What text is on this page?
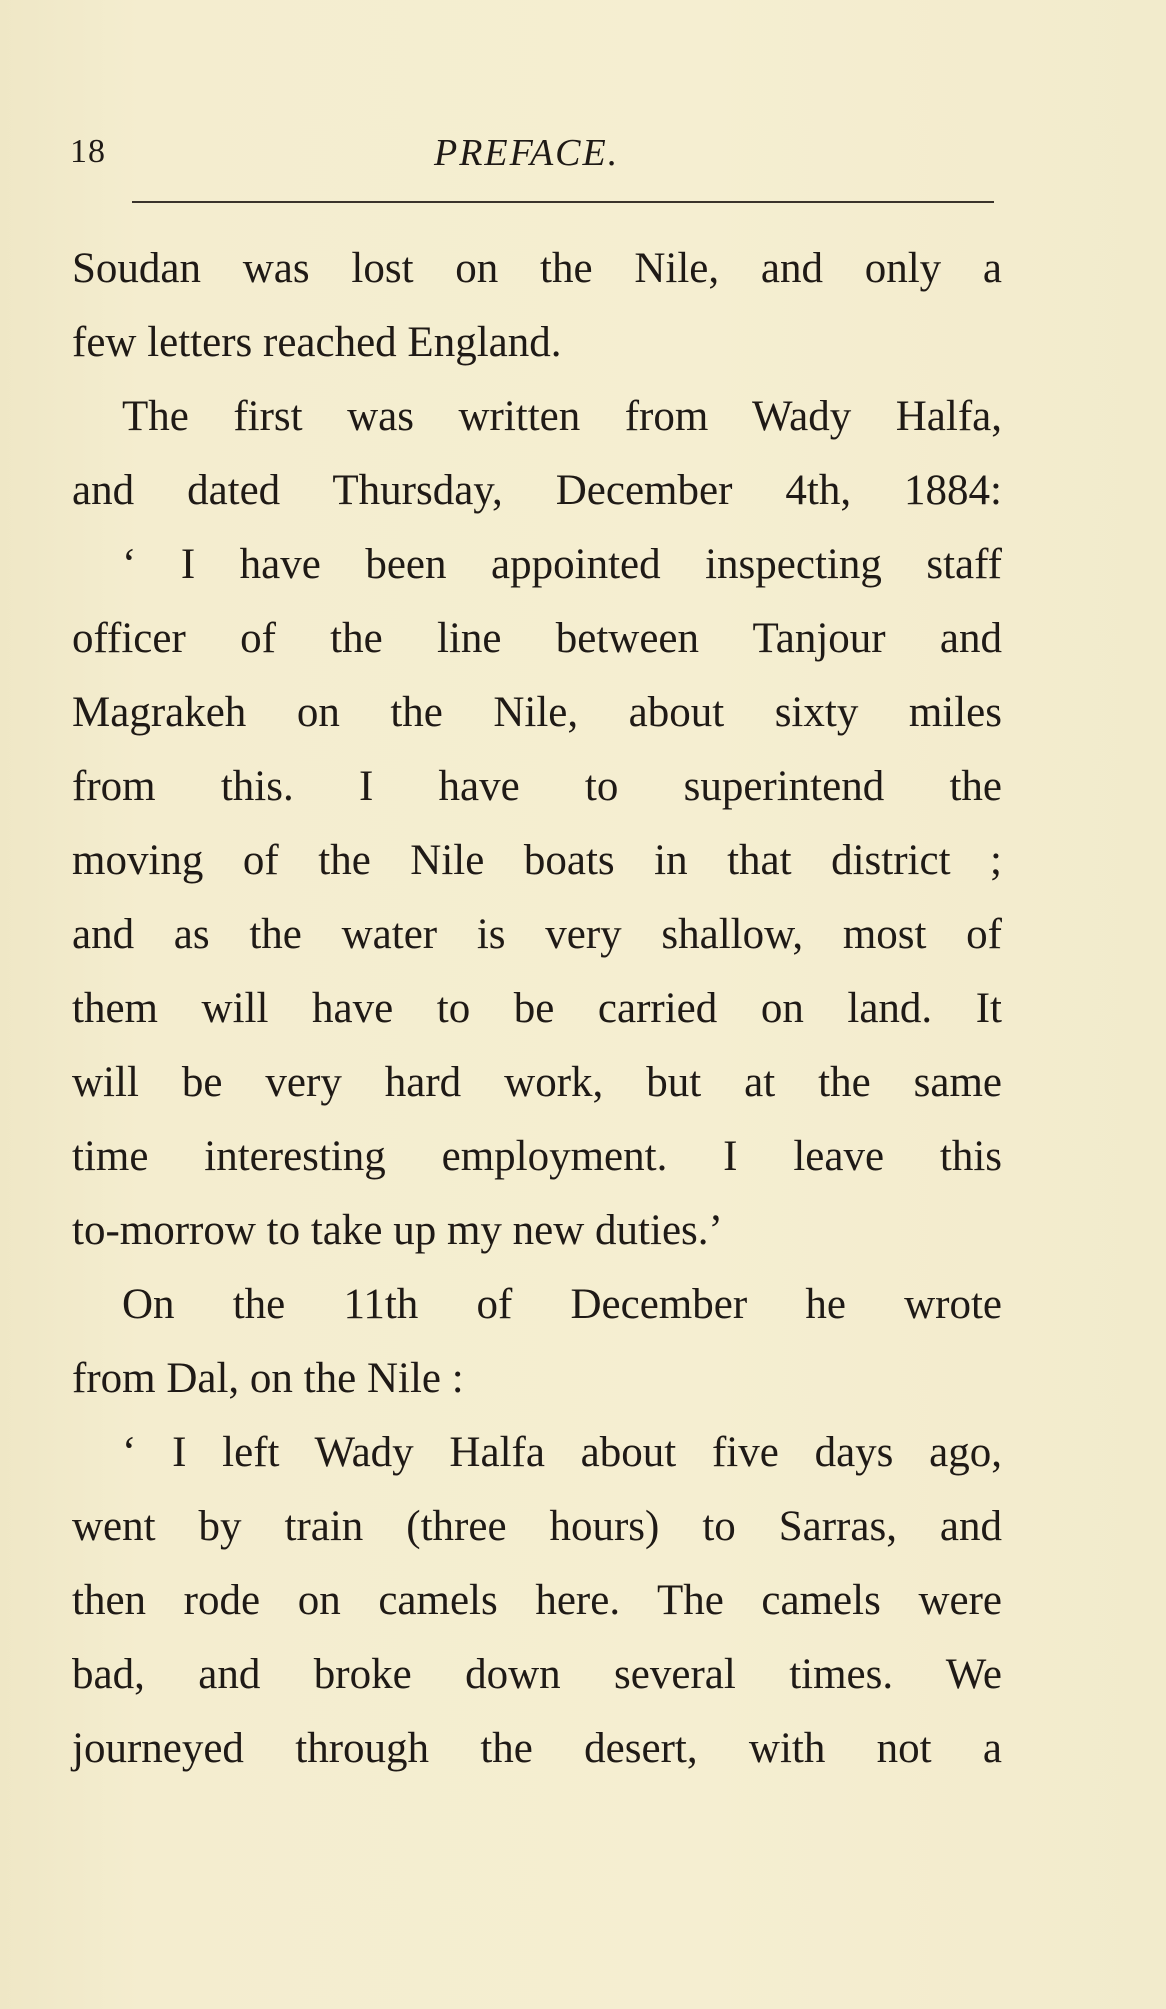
18	PREFACE.
Soudan was lost on the Nile, and only a
few letters reached England.
The first was written from Wady Halfa,
and dated Thursday, December 4th, 1884:
‘ I have been appointed inspecting staff
officer of the line between Tanjour and
Magrakeh on the Nile, about sixty miles
from this. I have to superintend the
moving of the Nile boats in that district ;
and as the water is very shallow, most of
them will have to be carried on land. It
will be very hard work, but at the same
time interesting employment. I leave this
to-morrow to take up my new duties.’
On the 11th of December he wrote
from Dal, on the Nile :
‘ I left Wady Halfa about five days ago,
went by train (three hours) to Sarras, and
then rode on camels here. The camels were
bad, and broke down several times. We
journeyed through the desert, with not a
